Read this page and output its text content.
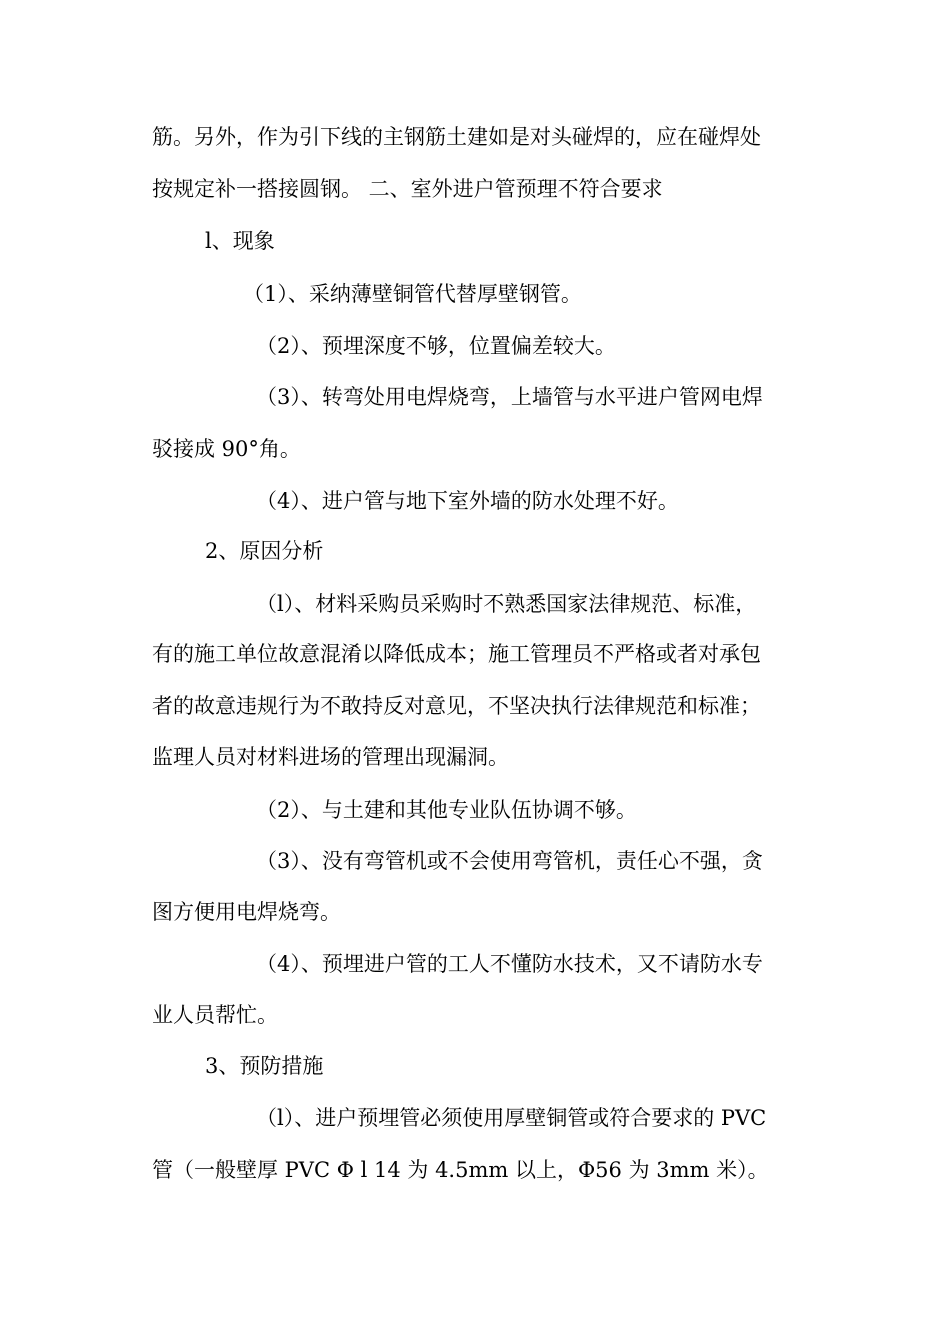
筋。另外，作为引下线的主钢筋土建如是对头碰焊的，应在碰焊处

按规定补一搭接圆钢。 二、室外进户管预理不符合要求

l、现象

（1）、采纳薄壁铜管代替厚壁钢管。

（2）、预埋深度不够，位置偏差较大。

（3）、转弯处用电焊烧弯，上墙管与水平进户管网电焊

驳接成 90°角。

（4）、进户管与地下室外墙的防水处理不好。

2、原因分析

（l）、材料采购员采购时不熟悉国家法律规范、标准，

有的施工单位故意混淆以降低成本；施工管理员不严格或者对承包

者的故意违规行为不敢持反对意见，不坚决执行法律规范和标准；

监理人员对材料进场的管理出现漏洞。

（2）、与土建和其他专业队伍协调不够。

（3）、没有弯管机或不会使用弯管机，责任心不强，贪

图方便用电焊烧弯。

（4）、预埋进户管的工人不懂防水技术，又不请防水专

业人员帮忙。

3、预防措施

（l）、进户预埋管必须使用厚壁铜管或符合要求的 PVC

管（一般壁厚 PVC Φ l 14 为 4.5mm 以上，Φ56 为 3mm 米）。
